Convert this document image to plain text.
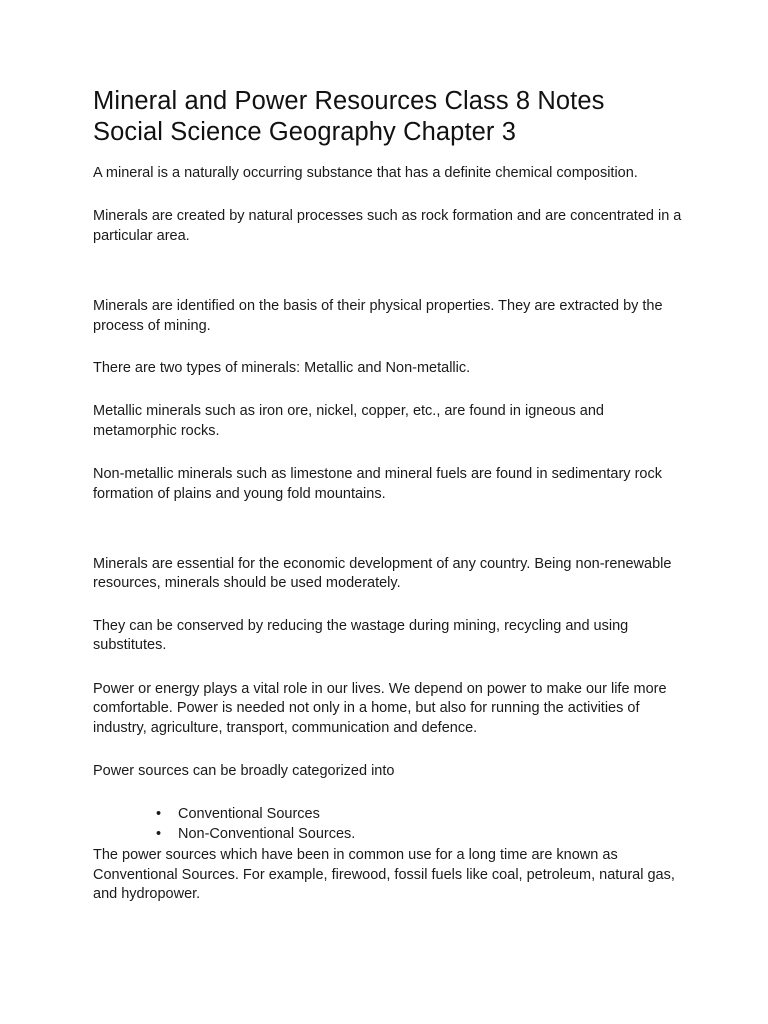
Mineral and Power Resources Class 8 Notes
Social Science Geography Chapter 3

A mineral is a naturally occurring substance that has a definite chemical composition.

Minerals are created by natural processes such as rock formation and are concentrated in a particular area.

Minerals are identified on the basis of their physical properties. They are extracted by the process of mining.

There are two types of minerals: Metallic and Non-metallic.

Metallic minerals such as iron ore, nickel, copper, etc., are found in igneous and metamorphic rocks.

Non-metallic minerals such as limestone and mineral fuels are found in sedimentary rock formation of plains and young fold mountains.

Minerals are essential for the economic development of any country. Being non-renewable resources, minerals should be used moderately.

They can be conserved by reducing the wastage during mining, recycling and using substitutes.

Power or energy plays a vital role in our lives. We depend on power to make our life more comfortable. Power is needed not only in a home, but also for running the activities of industry, agriculture, transport, communication and defence.

Power sources can be broadly categorized into

• Conventional Sources
• Non-Conventional Sources.

The power sources which have been in common use for a long time are known as Conventional Sources. For example, firewood, fossil fuels like coal, petroleum, natural gas, and hydropower.
